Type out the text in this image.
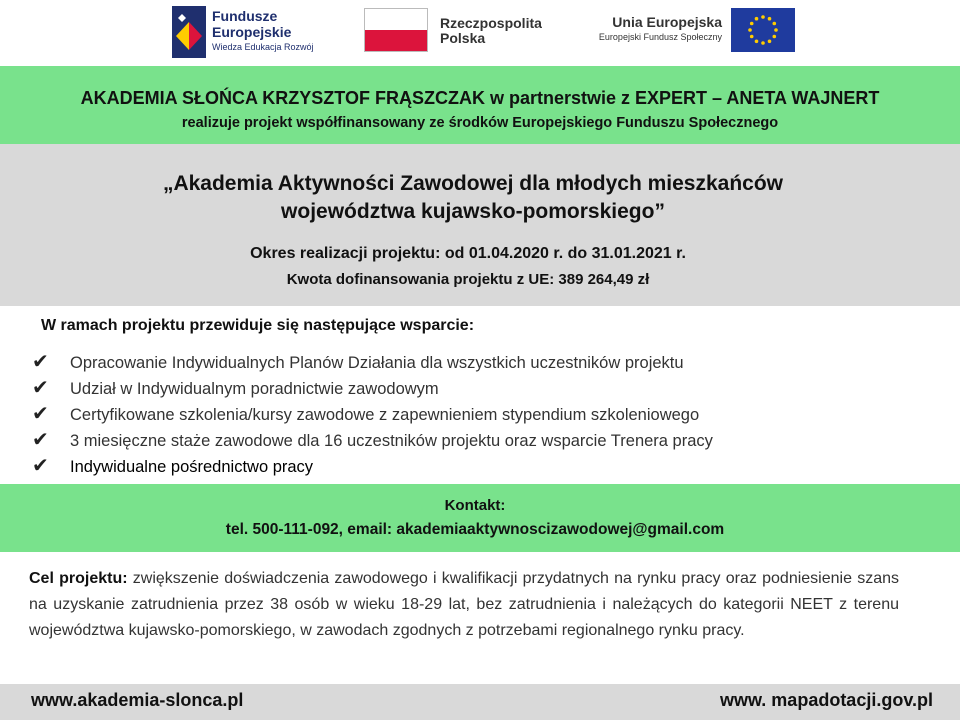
Fundusze
Europejskie
Wiedza Edukacja Rozwój
Rzeczpospolita
Polska
Unia Europejska
Europejski Fundusz Społeczny
AKADEMIA SŁOŃCA KRZYSZTOF FRĄSZCZAK w partnerstwie z EXPERT – ANETA WAJNERT
realizuje projekt współfinansowany ze środków Europejskiego Funduszu Społecznego
„Akademia Aktywności Zawodowej dla młodych mieszkańców
województwa kujawsko-pomorskiego”
Okres realizacji projektu: od 01.04.2020 r. do 31.01.2021 r.
Kwota dofinansowania projektu z UE: 389 264,49 zł
W ramach projektu przewiduje się następujące wsparcie:
✔ Opracowanie Indywidualnych Planów Działania dla wszystkich uczestników projektu
✔ Udział w Indywidualnym poradnictwie zawodowym
✔ Certyfikowane szkolenia/kursy zawodowe z zapewnieniem stypendium szkoleniowego
✔ 3 miesięczne staże zawodowe dla 16 uczestników projektu oraz wsparcie Trenera pracy
✔ Indywidualne pośrednictwo pracy
Kontakt:
tel. 500-111-092, email: akademiaaktywnoscizawodowej@gmail.com

Cel projektu: zwiększenie doświadczenia zawodowego i kwalifikacji przydatnych na rynku pracy oraz podniesienie szans na uzyskanie zatrudnienia przez 38 osób w wieku 18-29 lat, bez zatrudnienia i należących do kategorii NEET z terenu województwa kujawsko-pomorskiego, w zawodach zgodnych z potrzebami regionalnego rynku pracy.

www.akademia-slonca.pl	www. mapadotacji.gov.pl
